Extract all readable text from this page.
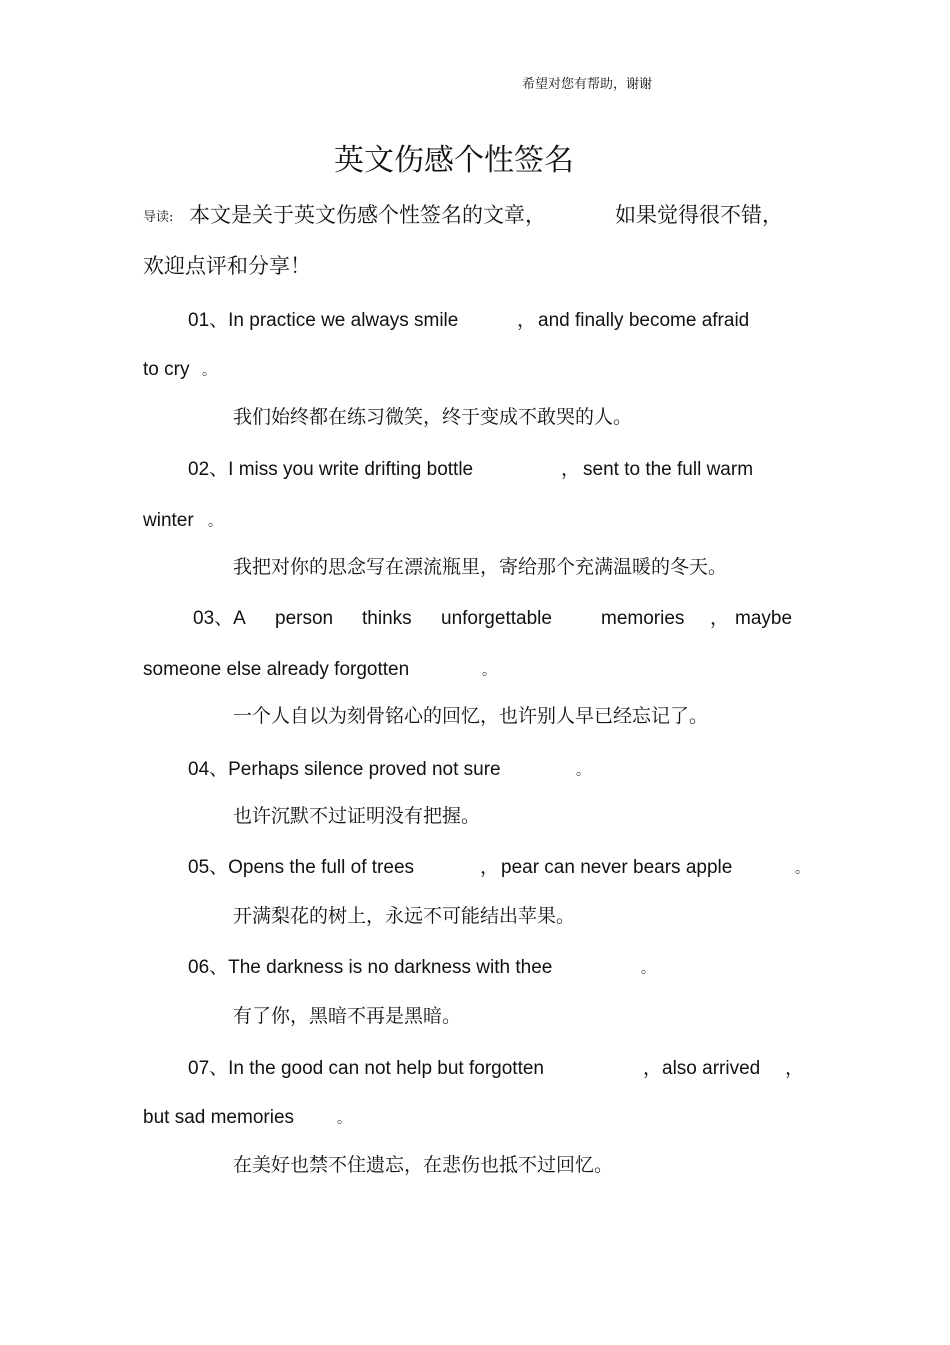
希望对您有帮助，谢谢
英文伤感个性签名
导读: 本文是关于英文伤感个性签名的文章，	如果觉得很不错，
欢迎点评和分享！
01、In practice we always smile	， and finally become afraid
to cry 。
我们始终都在练习微笑，终于变成不敢哭的人。
02、I miss you write drifting bottle	， sent to the full warm
winter 。
我把对你的思念写在漂流瓶里，寄给那个充满温暖的冬天。
03、A person thinks unforgettable	memories ， maybe
someone else already forgotten	。
一个人自以为刻骨铭心的回忆，也许别人早已经忘记了。
04、Perhaps silence proved not sure	。
也许沉默不过证明没有把握。
05、Opens the full of trees	， pear can never bears apple	。
开满梨花的树上，永远不可能结出苹果。
06、The darkness is no darkness with thee	。
有了你，黑暗不再是黑暗。
07、In the good can not help but forgotten	， also arrived ，
but sad memories	。
在美好也禁不住遗忘，在悲伤也抵不过回忆。
